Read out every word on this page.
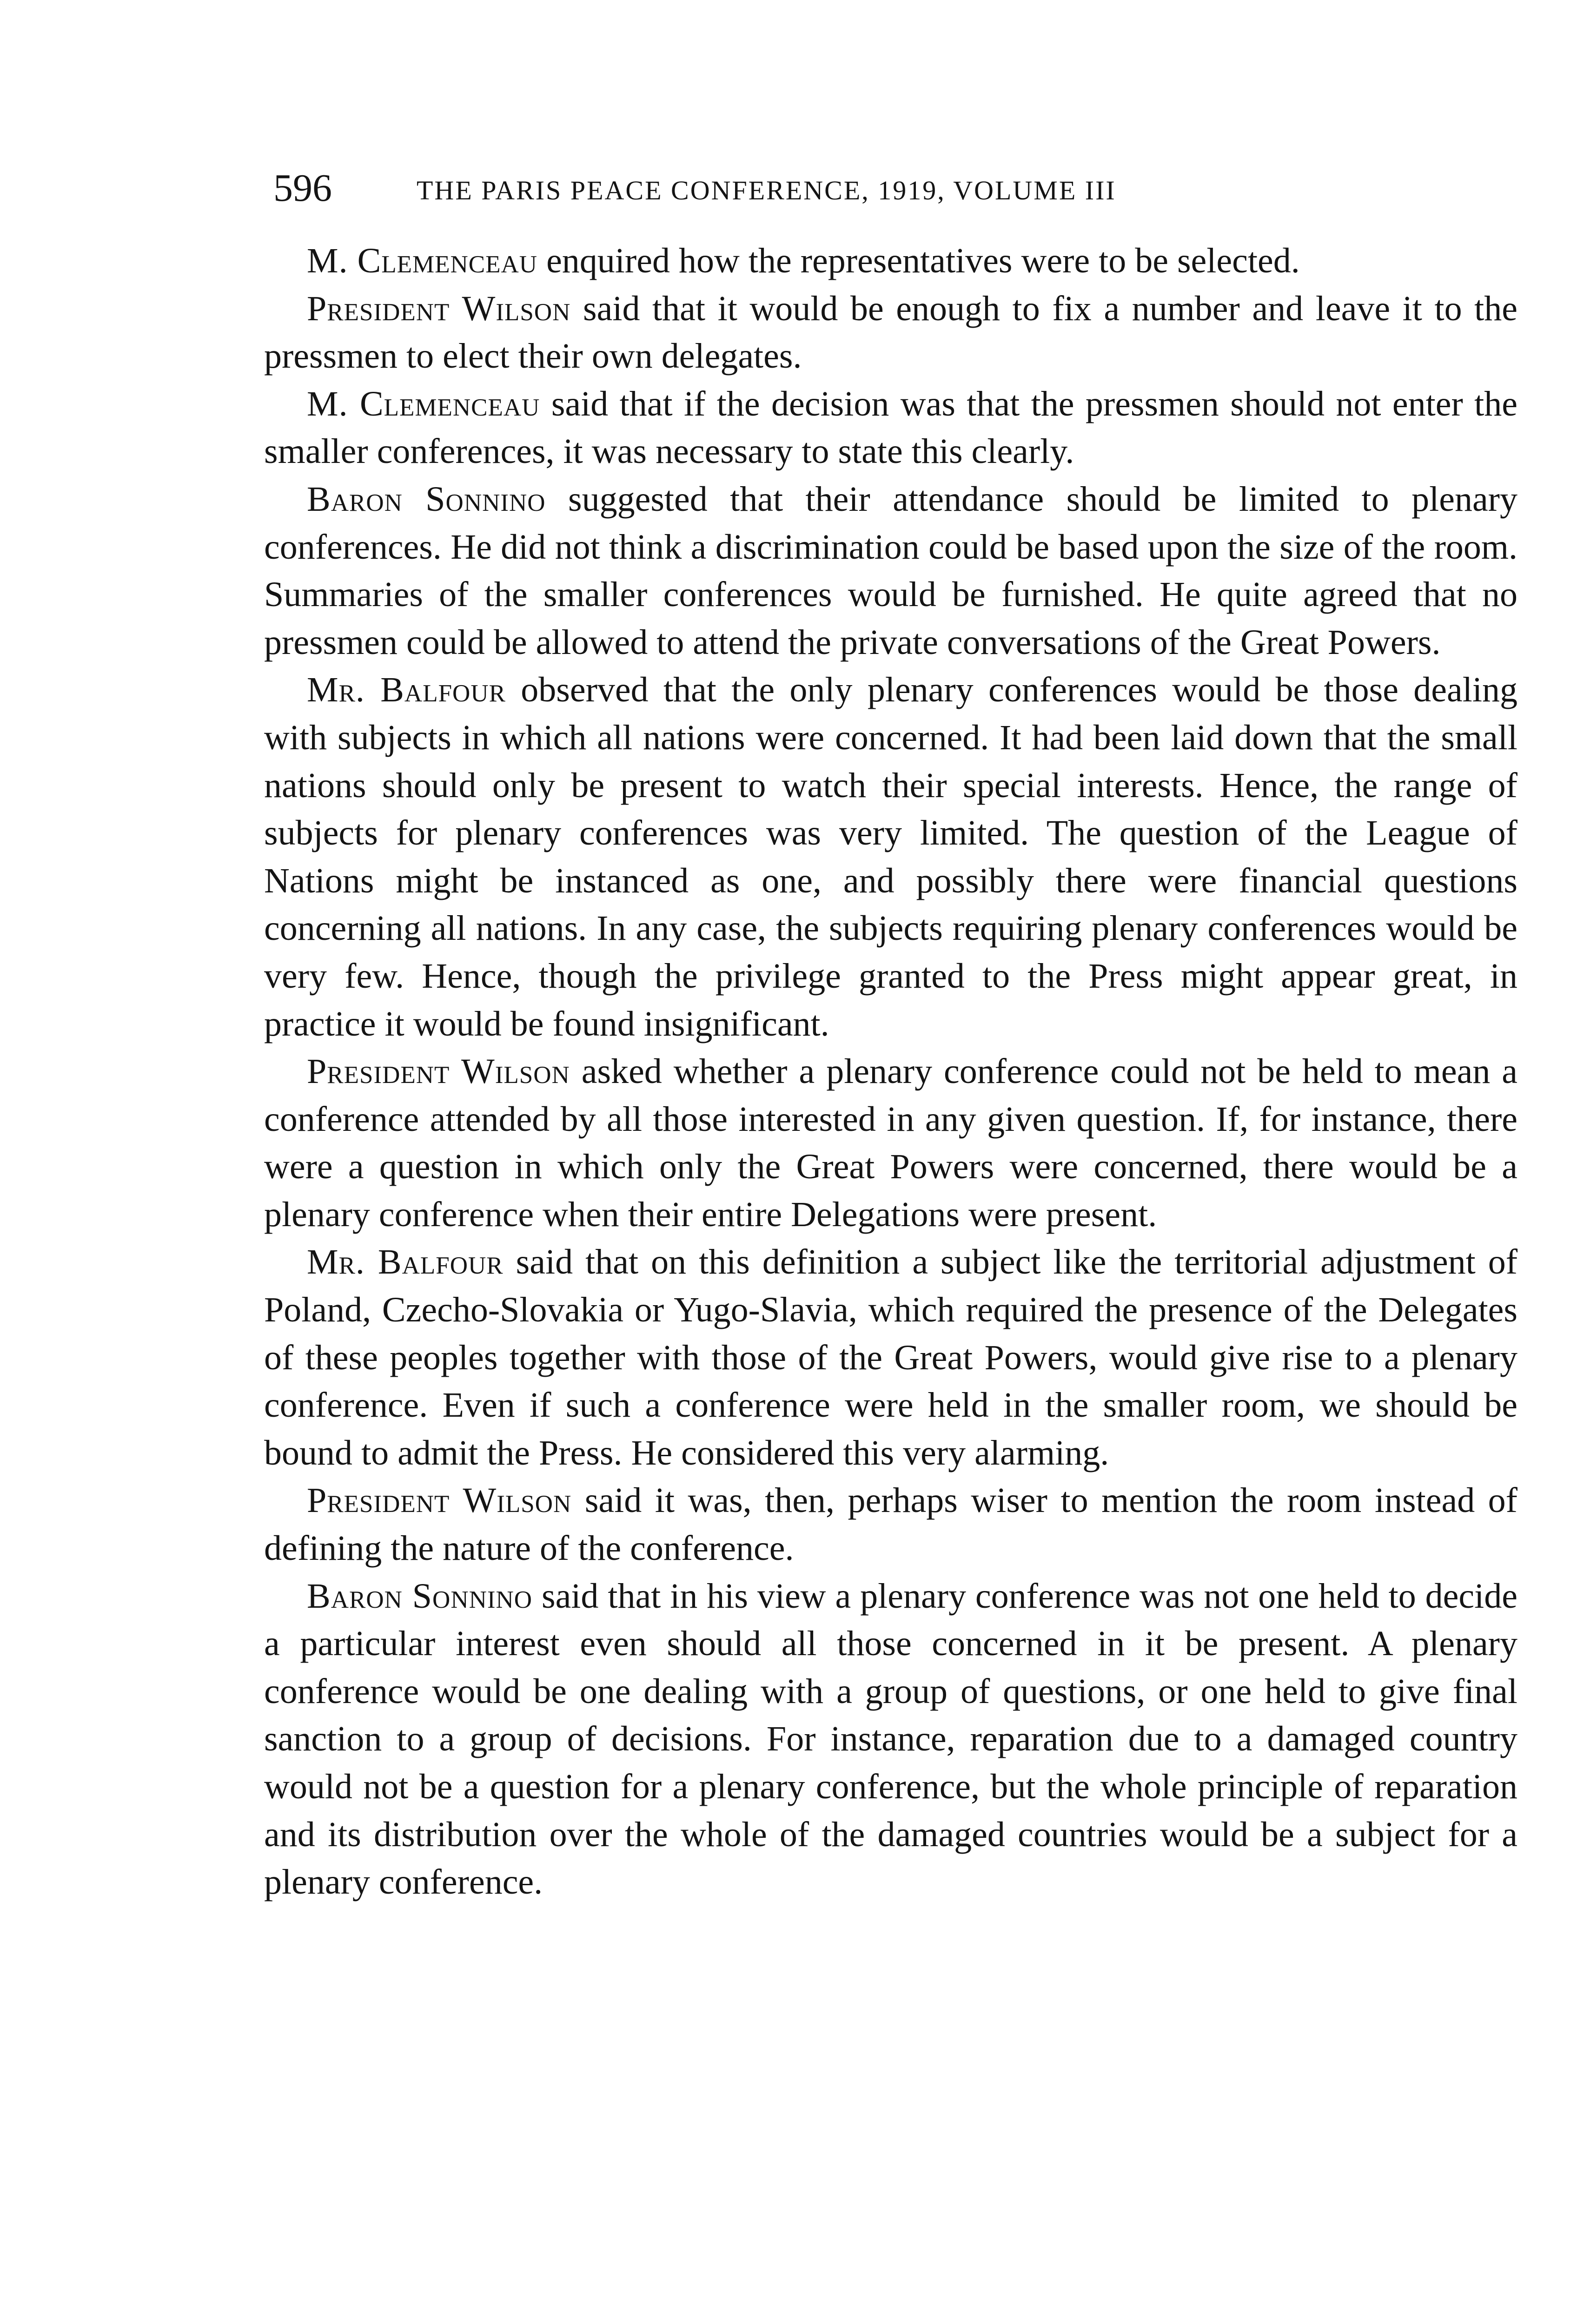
596	THE PARIS PEACE CONFERENCE, 1919, VOLUME III

M. Clemenceau enquired how the representatives were to be selected.

President Wilson said that it would be enough to fix a number and leave it to the pressmen to elect their own delegates.

M. Clemenceau said that if the decision was that the pressmen should not enter the smaller conferences, it was necessary to state this clearly.

Baron Sonnino suggested that their attendance should be limited to plenary conferences. He did not think a discrimination could be based upon the size of the room. Summaries of the smaller conferences would be furnished. He quite agreed that no pressmen could be allowed to attend the private conversations of the Great Powers.

Mr. Balfour observed that the only plenary conferences would be those dealing with subjects in which all nations were concerned. It had been laid down that the small nations should only be present to watch their special interests. Hence, the range of subjects for plenary conferences was very limited. The question of the League of Nations might be instanced as one, and possibly there were financial questions concerning all nations. In any case, the subjects requiring plenary conferences would be very few. Hence, though the privilege granted to the Press might appear great, in practice it would be found insignificant.

President Wilson asked whether a plenary conference could not be held to mean a conference attended by all those interested in any given question. If, for instance, there were a question in which only the Great Powers were concerned, there would be a plenary conference when their entire Delegations were present.

Mr. Balfour said that on this definition a subject like the territorial adjustment of Poland, Czecho-Slovakia or Yugo-Slavia, which required the presence of the Delegates of these peoples together with those of the Great Powers, would give rise to a plenary conference. Even if such a conference were held in the smaller room, we should be bound to admit the Press. He considered this very alarming.

President Wilson said it was, then, perhaps wiser to mention the room instead of defining the nature of the conference.

Baron Sonnino said that in his view a plenary conference was not one held to decide a particular interest even should all those concerned in it be present. A plenary conference would be one dealing with a group of questions, or one held to give final sanction to a group of decisions. For instance, reparation due to a damaged country would not be a question for a plenary conference, but the whole principle of reparation and its distribution over the whole of the damaged countries would be a subject for a plenary conference.
